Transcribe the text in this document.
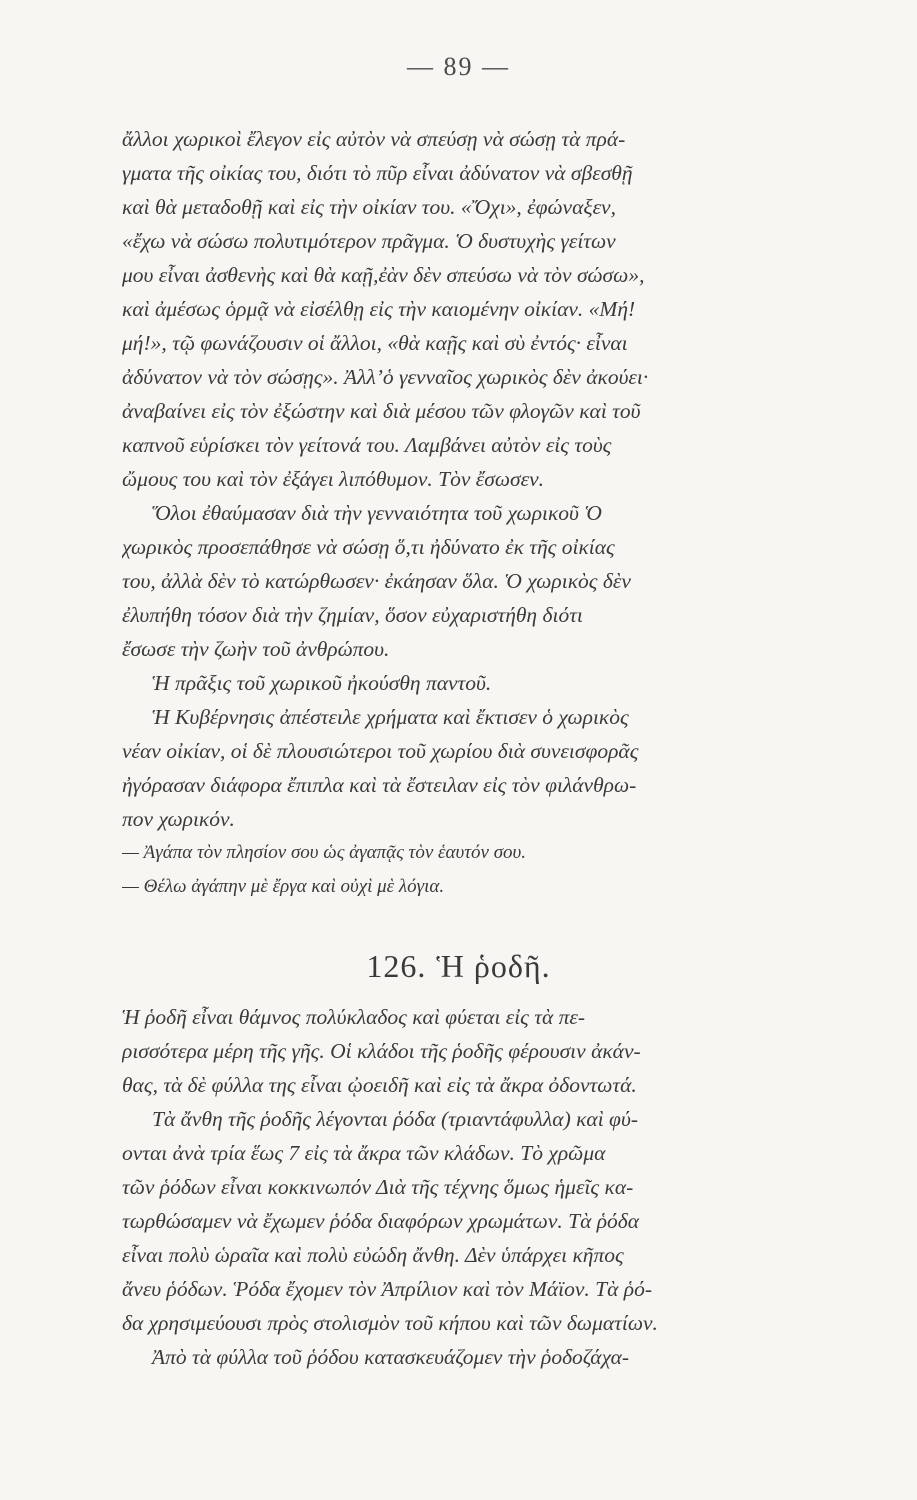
— 89 —
ἄλλοι χωρικοὶ ἔλεγον εἰς αὐτὸν νὰ σπεύσῃ νὰ σώσῃ τὰ πρά-
γματα τῆς οἰκίας του, διότι τὸ πῦρ εἶναι ἀδύνατον νὰ σβεσθῇ
καὶ θὰ μεταδοθῇ καὶ εἰς τὴν οἰκίαν του. «Ὄχι», ἐφώναξεν,
«ἔχω νὰ σώσω πολυτιμότερον πρᾶγμα. Ὁ δυστυχὴς γείτων
μου εἶναι ἀσθενὴς καὶ θὰ καῇ,ἐὰν δὲν σπεύσω νὰ τὸν σώσω»,
καὶ ἀμέσως ὁρμᾷ νὰ εἰσέλθῃ εἰς τὴν καιομένην οἰκίαν. «Μή!
μή!», τῷ φωνάζουσιν οἱ ἄλλοι, «θὰ καῇς καὶ σὺ ἐντός· εἶναι
ἀδύνατον νὰ τὸν σώσῃς». Ἀλλ’ὁ γενναῖος χωρικὸς δὲν ἀκούει·
ἀναβαίνει εἰς τὸν ἐξώστην καὶ διὰ μέσου τῶν φλογῶν καὶ τοῦ
καπνοῦ εὑρίσκει τὸν γείτονά του. Λαμβάνει αὐτὸν εἰς τοὺς
ὤμους του καὶ τὸν ἐξάγει λιπόθυμον. Τὸν ἔσωσεν.
Ὅλοι ἐθαύμασαν διὰ τὴν γενναιότητα τοῦ χωρικοῦ Ὁ
χωρικὸς προσεπάθησε νὰ σώσῃ ὅ,τι ἠδύνατο ἐκ τῆς οἰκίας
του, ἀλλὰ δὲν τὸ κατώρθωσεν· ἐκάησαν ὅλα. Ὁ χωρικὸς δὲν
ἐλυπήθη τόσον διὰ τὴν ζημίαν, ὅσον εὐχαριστήθη διότι
ἔσωσε τὴν ζωὴν τοῦ ἀνθρώπου.
Ἡ πρᾶξις τοῦ χωρικοῦ ἠκούσθη παντοῦ.
Ἡ Κυβέρνησις ἀπέστειλε χρήματα καὶ ἔκτισεν ὁ χωρικὸς
νέαν οἰκίαν, οἱ δὲ πλουσιώτεροι τοῦ χωρίου διὰ συνεισφορᾶς
ἠγόρασαν διάφορα ἔπιπλα καὶ τὰ ἔστειλαν εἰς τὸν φιλάνθρω-
πον χωρικόν.
— Ἀγάπα τὸν πλησίον σου ὡς ἀγαπᾷς τὸν ἑαυτόν σου.
— Θέλω ἀγάπην μὲ ἔργα καὶ οὐχὶ μὲ λόγια.
126. Ἡ ῥοδῆ.
Ἡ ῥοδῆ εἶναι θάμνος πολύκλαδος καὶ φύεται εἰς τὰ πε-
ρισσότερα μέρη τῆς γῆς. Οἱ κλάδοι τῆς ῥοδῆς φέρουσιν ἀκάν-
θας, τὰ δὲ φύλλα της εἶναι ᾠοειδῆ καὶ εἰς τὰ ἄκρα ὀδοντωτά.
Τὰ ἄνθη τῆς ῥοδῆς λέγονται ῥόδα (τριαντάφυλλα) καὶ φύ-
ονται ἀνὰ τρία ἕως 7 εἰς τὰ ἄκρα τῶν κλάδων. Τὸ χρῶμα
τῶν ῥόδων εἶναι κοκκινωπόν Διὰ τῆς τέχνης ὅμως ἡμεῖς κα-
τωρθώσαμεν νὰ ἔχωμεν ῥόδα διαφόρων χρωμάτων. Τὰ ῥόδα
εἶναι πολὺ ὡραῖα καὶ πολὺ εὐώδη ἄνθη. Δὲν ὑπάρχει κῆπος
ἄνευ ῥόδων. Ῥόδα ἔχομεν τὸν Ἀπρίλιον καὶ τὸν Μάϊον. Τὰ ῥό-
δα χρησιμεύουσι πρὸς στολισμὸν τοῦ κήπου καὶ τῶν δωματίων.
Ἀπὸ τὰ φύλλα τοῦ ῥόδου κατασκευάζομεν τὴν ῥοδοζάχα-
